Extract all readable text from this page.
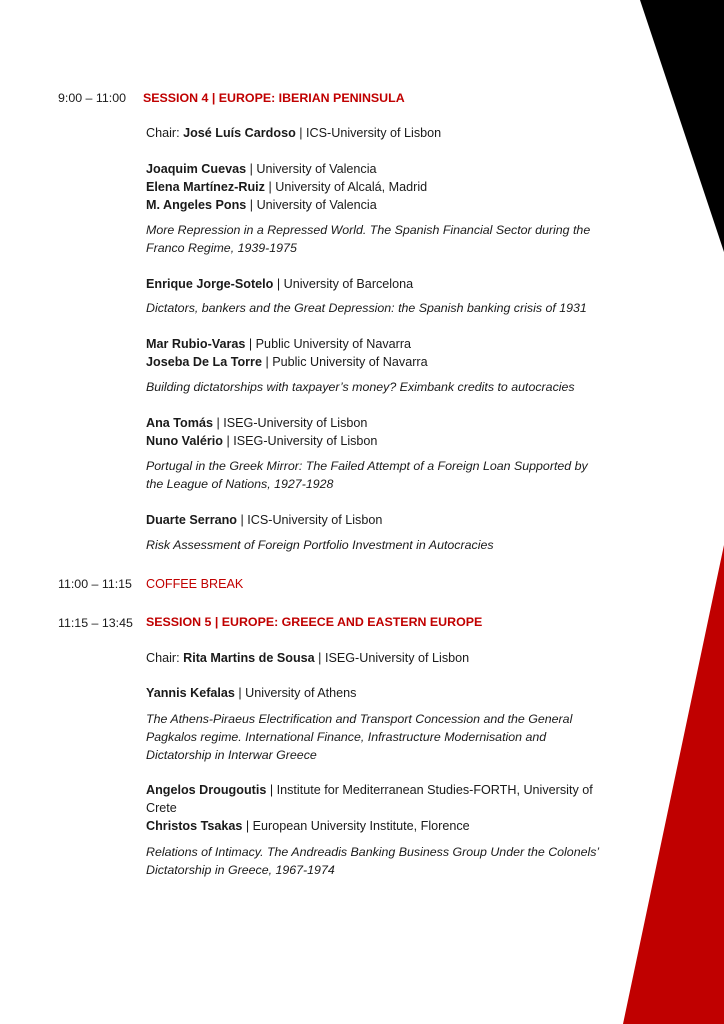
9:00 – 11:00 SESSION 4 | EUROPE: IBERIAN PENINSULA
Chair: José Luís Cardoso | ICS-University of Lisbon
Joaquim Cuevas | University of Valencia
Elena Martínez-Ruiz | University of Alcalá, Madrid
M. Angeles Pons | University of Valencia
More Repression in a Repressed World. The Spanish Financial Sector during the
Franco Regime, 1939-1975
Enrique Jorge-Sotelo | University of Barcelona
Dictators, bankers and the Great Depression: the Spanish banking crisis of 1931
Mar Rubio-Varas | Public University of Navarra
Joseba De La Torre | Public University of Navarra
Building dictatorships with taxpayer’s money? Eximbank credits to autocracies
Ana Tomás | ISEG-University of Lisbon
Nuno Valério | ISEG-University of Lisbon
Portugal in the Greek Mirror: The Failed Attempt of a Foreign Loan Supported by
the League of Nations, 1927-1928
Duarte Serrano | ICS-University of Lisbon
Risk Assessment of Foreign Portfolio Investment in Autocracies
11:00 – 11:15 COFFEE BREAK
11:15 – 13:45 SESSION 5 | EUROPE: GREECE AND EASTERN EUROPE
Chair: Rita Martins de Sousa | ISEG-University of Lisbon
Yannis Kefalas | University of Athens
The Athens-Piraeus Electrification and Transport Concession and the General
Pagkalos regime. International Finance, Infrastructure Modernisation and
Dictatorship in Interwar Greece
Angelos Drougoutis | Institute for Mediterranean Studies-FORTH, University of
Crete
Christos Tsakas | European University Institute, Florence
Relations of Intimacy. The Andreadis Banking Business Group Under the Colonels’
Dictatorship in Greece, 1967-1974
